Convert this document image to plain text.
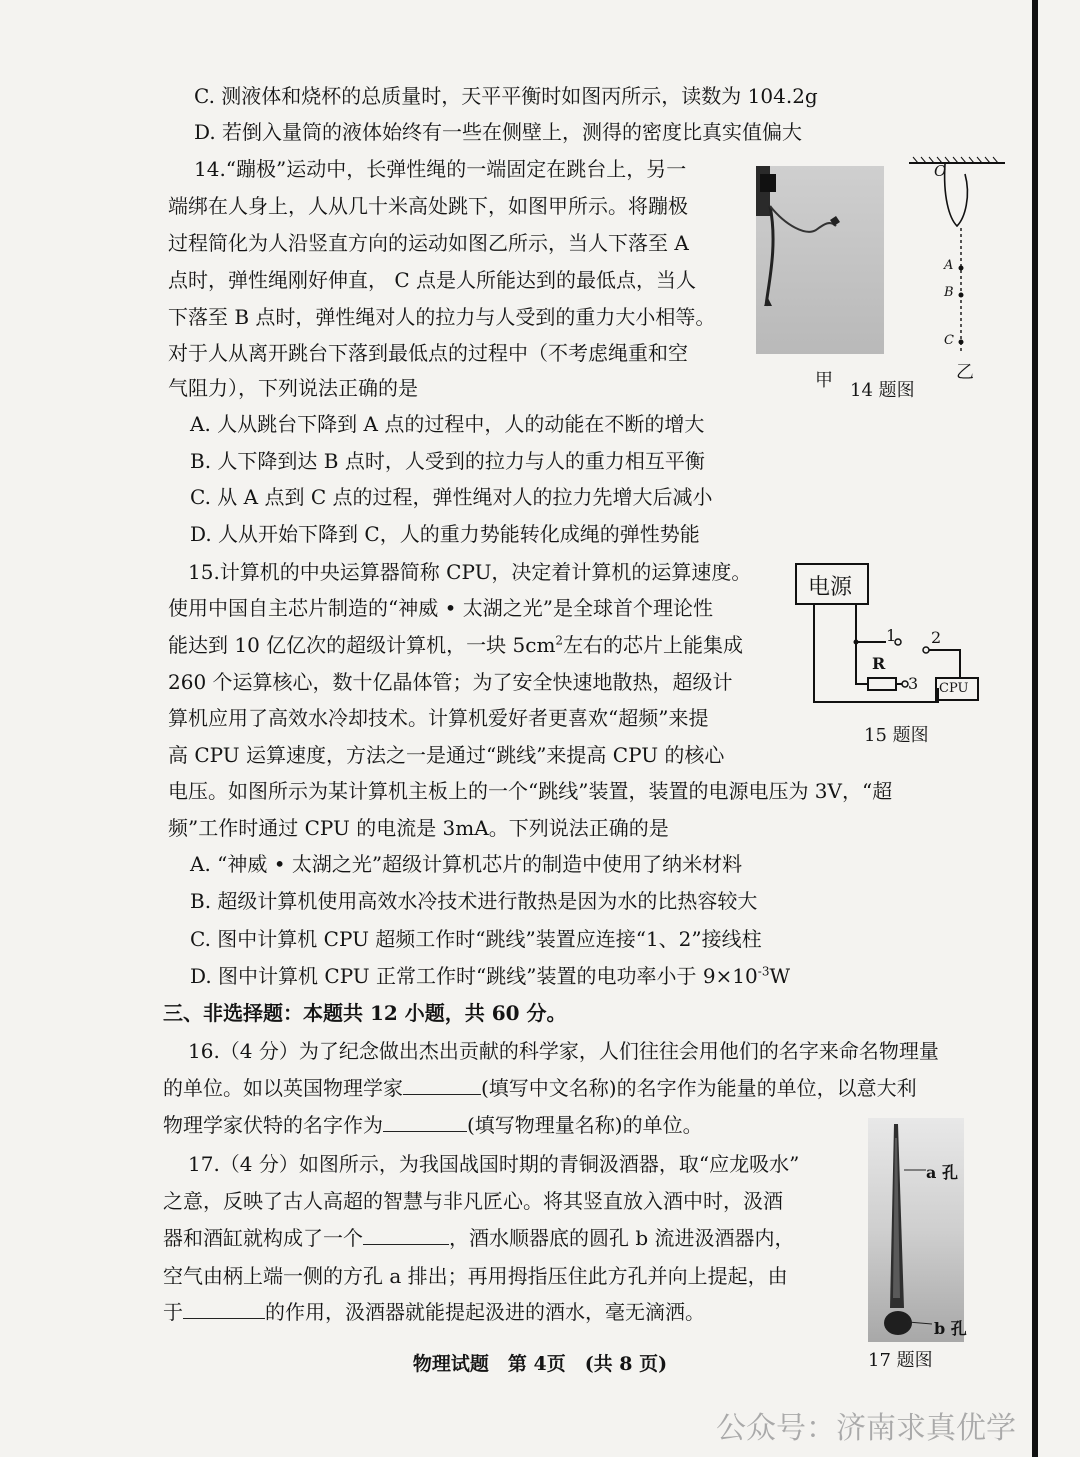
C. 测液体和烧杯的总质量时，天平平衡时如图丙所示，读数为 104.2g
D. 若倒入量筒的液体始终有一些在侧壁上，测得的密度比真实值偏大
14.“蹦极”运动中，长弹性绳的一端固定在跳台上，另一
端绑在人身上，人从几十米高处跳下，如图甲所示。将蹦极
过程简化为人沿竖直方向的运动如图乙所示，当人下落至 A
点时，弹性绳刚好伸直， C 点是人所能达到的最低点，当人
下落至 B 点时，弹性绳对人的拉力与人受到的重力大小相等。
对于人从离开跳台下落到最低点的过程中（不考虑绳重和空
气阻力），下列说法正确的是
A. 人从跳台下降到 A 点的过程中，人的动能在不断的增大
B. 人下降到达 B 点时，人受到的拉力与人的重力相互平衡
C. 从 A 点到 C 点的过程，弹性绳对人的拉力先增大后减小
D. 人从开始下降到 C，人的重力势能转化成绳的弹性势能
甲 14 题图
O
A
B
C
乙
15.计算机的中央运算器简称 CPU，决定着计算机的运算速度。
使用中国自主芯片制造的“神威 • 太湖之光”是全球首个理论性
能达到 10 亿亿次的超级计算机，一块 $5cm^2$左右的芯片上能集成
260 个运算核心，数十亿晶体管；为了安全快速地散热，超级计
算机应用了高效水冷却技术。计算机爱好者更喜欢“超频”来提
高 CPU 运算速度，方法之一是通过“跳线”来提高 CPU 的核心
电压。如图所示为某计算机主板上的一个“跳线”装置，装置的电源电压为 3V，“超
频”工作时通过 CPU 的电流是 3mA。下列说法正确的是
A. “神威 • 太湖之光”超级计算机芯片的制造中使用了纳米材料
B. 超级计算机使用高效水冷技术进行散热是因为水的比热容较大
C. 图中计算机 CPU 超频工作时“跳线”装置应连接“1、2”接线柱
D. 图中计算机 CPU 正常工作时“跳线”装置的电功率小于 $9\times 10^{-3}W$
电源
R
CPU
1 2
3
15 题图
三、非选择题：本题共 12 小题，共 60 分。
16.（4 分）为了纪念做出杰出贡献的科学家，人们往往会用他们的名字来命名物理量
的单位。如以英国物理学家	(填写中文名称)的名字作为能量的单位，以意大利
物理学家伏特的名字作为	(填写物理量名称)的单位。
17.（4 分）如图所示，为我国战国时期的青铜汲酒器，取“应龙吸水”
之意，反映了古人高超的智慧与非凡匠心。将其竖直放入酒中时，汲酒
器和酒缸就构成了一个	，酒水顺器底的圆孔 b 流进汲酒器内，
空气由柄上端一侧的方孔 a 排出；再用拇指压住此方孔并向上提起，由
于	的作用，汲酒器就能提起汲进的酒水，毫无滴洒。
a 孔
b 孔
17 题图
物理试题　第 4页　(共 8 页)
公众号：济南求真优学
